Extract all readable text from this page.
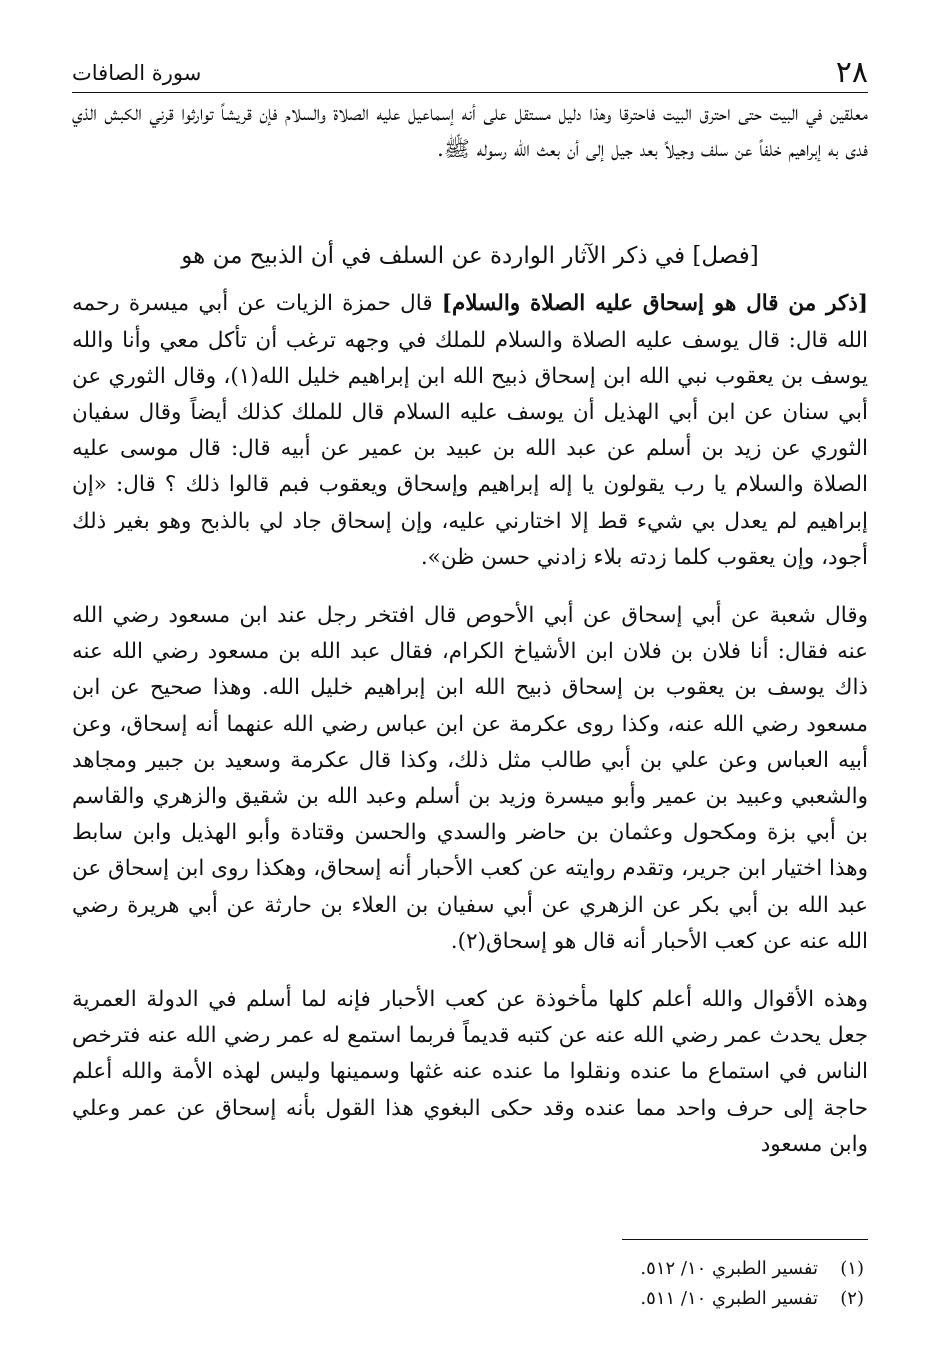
٢٨
سورة الصافات

معلقين في البيت حتى احترق البيت فاحترقا وهذا دليل مستقل على أنه إسماعيل عليه الصلاة والسلام فإن قريشاً توارثوا قرني الكبش الذي فدى به إبراهيم خلفاً عن سلف وجيلاً بعد جيل إلى أن بعث الله رسوله ﷺ.

[فصل] في ذكر الآثار الواردة عن السلف في أن الذبيح من هو

[ذكر من قال هو إسحاق عليه الصلاة والسلام] قال حمزة الزيات عن أبي ميسرة رحمه الله قال: قال يوسف عليه الصلاة والسلام للملك في وجهه ترغب أن تأكل معي وأنا والله يوسف بن يعقوب نبي الله ابن إسحاق ذبيح الله ابن إبراهيم خليل الله(١)، وقال الثوري عن أبي سنان عن ابن أبي الهذيل أن يوسف عليه السلام قال للملك كذلك أيضاً وقال سفيان الثوري عن زيد بن أسلم عن عبد الله بن عبيد بن عمير عن أبيه قال: قال موسى عليه الصلاة والسلام يا رب يقولون يا إله إبراهيم وإسحاق ويعقوب فبم قالوا ذلك ؟ قال: «إن إبراهيم لم يعدل بي شيء قط إلا اختارني عليه، وإن إسحاق جاد لي بالذبح وهو بغير ذلك أجود، وإن يعقوب كلما زدته بلاء زادني حسن ظن».

وقال شعبة عن أبي إسحاق عن أبي الأحوص قال افتخر رجل عند ابن مسعود رضي الله عنه فقال: أنا فلان بن فلان ابن الأشياخ الكرام، فقال عبد الله بن مسعود رضي الله عنه ذاك يوسف بن يعقوب بن إسحاق ذبيح الله ابن إبراهيم خليل الله. وهذا صحيح عن ابن مسعود رضي الله عنه، وكذا روى عكرمة عن ابن عباس رضي الله عنهما أنه إسحاق، وعن أبيه العباس وعن علي بن أبي طالب مثل ذلك، وكذا قال عكرمة وسعيد بن جبير ومجاهد والشعبي وعبيد بن عمير وأبو ميسرة وزيد بن أسلم وعبد الله بن شقيق والزهري والقاسم بن أبي بزة ومكحول وعثمان بن حاضر والسدي والحسن وقتادة وأبو الهذيل وابن سابط وهذا اختيار ابن جرير، وتقدم روايته عن كعب الأحبار أنه إسحاق، وهكذا روى ابن إسحاق عن عبد الله بن أبي بكر عن الزهري عن أبي سفيان بن العلاء بن حارثة عن أبي هريرة رضي الله عنه عن كعب الأحبار أنه قال هو إسحاق(٢).

وهذه الأقوال والله أعلم كلها مأخوذة عن كعب الأحبار فإنه لما أسلم في الدولة العمرية جعل يحدث عمر رضي الله عنه عن كتبه قديماً فربما استمع له عمر رضي الله عنه فترخص الناس في استماع ما عنده ونقلوا ما عنده عنه غثها وسمينها وليس لهذه الأمة والله أعلم حاجة إلى حرف واحد مما عنده وقد حكى البغوي هذا القول بأنه إسحاق عن عمر وعلي وابن مسعود

(١)تفسير الطبري ١٠/ ٥١٢.
(٢)تفسير الطبري ١٠/ ٥١١.
